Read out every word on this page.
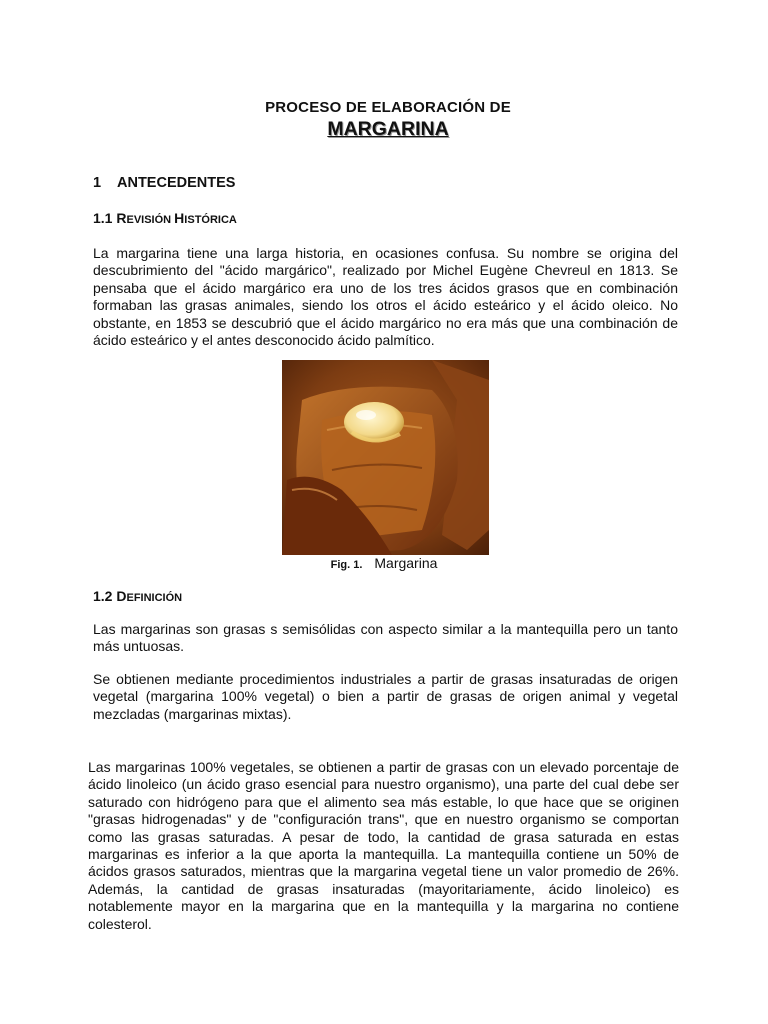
PROCESO DE ELABORACIÓN DE
MARGARINA
1 ANTECEDENTES
1.1 REVISIÓN HISTÓRICA
La margarina tiene una larga historia, en ocasiones confusa. Su nombre se origina del descubrimiento del "ácido margárico", realizado por Michel Eugène Chevreul en 1813. Se pensaba que el ácido margárico era uno de los tres ácidos grasos que en combinación formaban las grasas animales, siendo los otros el ácido esteárico y el ácido oleico. No obstante, en 1853 se descubrió que el ácido margárico no era más que una combinación de ácido esteárico y el antes desconocido ácido palmítico.
Fig. 1. Margarina
1.2 DEFINICIÓN
Las margarinas son grasas s semisólidas con aspecto similar a la mantequilla pero un tanto más untuosas.
Se obtienen mediante procedimientos industriales a partir de grasas insaturadas de origen vegetal (margarina 100% vegetal) o bien a partir de grasas de origen animal y vegetal mezcladas (margarinas mixtas).
Las margarinas 100% vegetales, se obtienen a partir de grasas con un elevado porcentaje de ácido linoleico (un ácido graso esencial para nuestro organismo), una parte del cual debe ser saturado con hidrógeno para que el alimento sea más estable, lo que hace que se originen "grasas hidrogenadas" y de "configuración trans", que en nuestro organismo se comportan como las grasas saturadas. A pesar de todo, la cantidad de grasa saturada en estas margarinas es inferior a la que aporta la mantequilla. La mantequilla contiene un 50% de ácidos grasos saturados, mientras que la margarina vegetal tiene un valor promedio de 26%. Además, la cantidad de grasas insaturadas (mayoritariamente, ácido linoleico) es notablemente mayor en la margarina que en la mantequilla y la margarina no contiene colesterol.
